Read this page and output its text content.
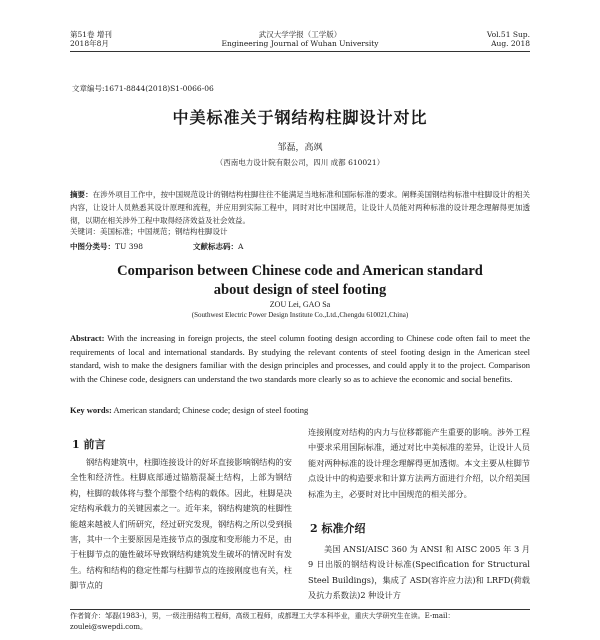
第51卷 增刊
2018年8月
武汉大学学报（工学版）
Engineering Journal of Wuhan University
Vol.51 Sup.
Aug. 2018
文章编号:1671-8844(2018)S1-0066-06
中美标准关于钢结构柱脚设计对比
邹磊，高飒
（西南电力设计院有限公司，四川 成都 610021）
摘要：在涉外项目工作中，按中国规范设计的钢结构柱脚往往不能满足当地标准和国际标准的要求。阐释美国钢结构标准中柱脚设计的相关内容，让设计人员熟悉其设计原理和流程，并应用到实际工程中，同时对比中国规范，让设计人员能对两种标准的设计理念理解得更加透彻，以期在相关涉外工程中取得经济效益及社会效益。
关键词：美国标准；中国规范；钢结构柱脚设计
中图分类号：TU 398	文献标志码：A
Comparison between Chinese code and American standard
about design of steel footing
ZOU Lei, GAO Sa
(Southwest Electric Power Design Institute Co.,Ltd.,Chengdu 610021,China)
Abstract: With the increasing in foreign projects, the steel column footing design according to Chinese code often fail to meet the requirements of local and international standards. By studying the relevant contents of steel footing design in the American steel standard, wish to make the designers familiar with the design principles and processes, and could apply it to the project. Comparison with the Chinese code, designers can understand the two standards more clearly so as to achieve the economic and social benefits.
Key words: American standard; Chinese code; design of steel footing
1 前言
钢结构建筑中，柱脚连接设计的好坏直接影响钢结构的安全性和经济性。柱脚底部通过锚筋混凝土结构，上部为钢结构，柱脚的载体将与整个部整个结构的载体。因此，柱脚是决定结构承载力的关键因素之一。近年来，钢结构建筑的柱脚性能越来越被人们所研究，经过研究发现，钢结构之所以受到损害，其中一个主要原因是连接节点的强度和变形能力不足，由于柱脚节点的施性破坏导致钢结构建筑发生破坏的情况时有发生。结构和结构的稳定性都与柱脚节点的连接刚度也有关，柱脚节点的
连接刚度对结构的内力与位移都能产生重要的影响。涉外工程中要求采用国际标准，通过对比中美标准的差异，让设计人员能对两种标准的设计理念理解得更加透彻。本文主要从柱脚节点设计中的构造要求和计算方法两方面进行介绍，以介绍美国标准为主，必要时对比中国规范的相关部分。
2 标准介绍
美国 ANSI/AISC 360 为 ANSI 和 AISC 2005 年 3 月 9 日出版的钢结构设计标准(Specification for Structural Steel Buildings)，集成了 ASD(容许应力法)和 LRFD(荷载及抗力系数法)2 种设计方
作者简介：邹磊(1983-)，男，一级注册结构工程师，高级工程师，成都理工大学本科毕业，重庆大学研究生在读。E-mail：zoulei@swepdi.com。
